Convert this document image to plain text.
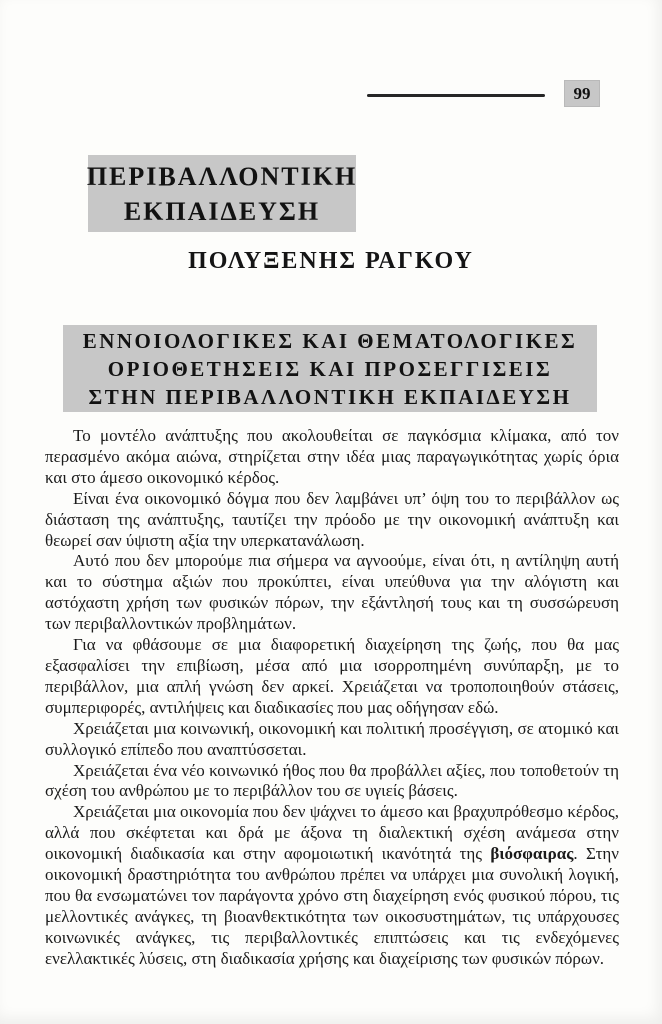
99
ΠΕΡΙΒΑΛΛΟΝΤΙΚΗ
ΕΚΠΑΙΔΕΥΣΗ
ΠΟΛΥΞΕΝΗΣ ΡΑΓΚΟΥ
ΕΝΝΟΙΟΛΟΓΙΚΕΣ ΚΑΙ ΘΕΜΑΤΟΛΟΓΙΚΕΣ
ΟΡΙΟΘΕΤΗΣΕΙΣ ΚΑΙ ΠΡΟΣΕΓΓΙΣΕΙΣ
ΣΤΗΝ ΠΕΡΙΒΑΛΛΟΝΤΙΚΗ ΕΚΠΑΙΔΕΥΣΗ

Το μοντέλο ανάπτυξης που ακολουθείται σε παγκόσμια κλίμακα, από τον περασμένο ακόμα αιώνα, στηρίζεται στην ιδέα μιας παραγωγικότητας χωρίς όρια και στο άμεσο οικονομικό κέρδος.

Είναι ένα οικονομικό δόγμα που δεν λαμβάνει υπ’ όψη του το περιβάλλον ως διάσταση της ανάπτυξης, ταυτίζει την πρόοδο με την οικονομική ανάπτυξη και θεωρεί σαν ύψιστη αξία την υπερκατανάλωση.

Αυτό που δεν μπορούμε πια σήμερα να αγνοούμε, είναι ότι, η αντίληψη αυτή και το σύστημα αξιών που προκύπτει, είναι υπεύθυνα για την αλόγιστη και αστόχαστη χρήση των φυσικών πόρων, την εξάντλησή τους και τη συσσώρευση των περιβαλλοντικών προβλημάτων.

Για να φθάσουμε σε μια διαφορετική διαχείρηση της ζωής, που θα μας εξασφαλίσει την επιβίωση, μέσα από μια ισορροπημένη συνύπαρξη, με το περιβάλλον, μια απλή γνώση δεν αρκεί. Χρειάζεται να τροποποιηθούν στάσεις, συμπεριφορές, αντιλήψεις και διαδικασίες που μας οδήγησαν εδώ.

Χρειάζεται μια κοινωνική, οικονομική και πολιτική προσέγγιση, σε ατομικό και συλλογικό επίπεδο που αναπτύσσεται.

Χρειάζεται ένα νέο κοινωνικό ήθος που θα προβάλλει αξίες, που τοποθετούν τη σχέση του ανθρώπου με το περιβάλλον του σε υγιείς βάσεις.

Χρειάζεται μια οικονομία που δεν ψάχνει το άμεσο και βραχυπρόθεσμο κέρδος, αλλά που σκέφτεται και δρά με άξονα τη διαλεκτική σχέση ανάμεσα στην οικονομική διαδικασία και στην αφομοιωτική ικανότητά της βιόσφαιρας. Στην οικονομική δραστηριότητα του ανθρώπου πρέπει να υπάρχει μια συνολική λογική, που θα ενσωματώνει τον παράγοντα χρόνο στη διαχείρηση ενός φυσικού πόρου, τις μελλοντικές ανάγκες, τη βιοανθεκτικότητα των οικοσυστημάτων, τις υπάρχουσες κοινωνικές ανάγκες, τις περιβαλλοντικές επιπτώσεις και τις ενδεχόμενες ενελλακτικές λύσεις, στη διαδικασία χρήσης και διαχείρισης των φυσικών πόρων.
